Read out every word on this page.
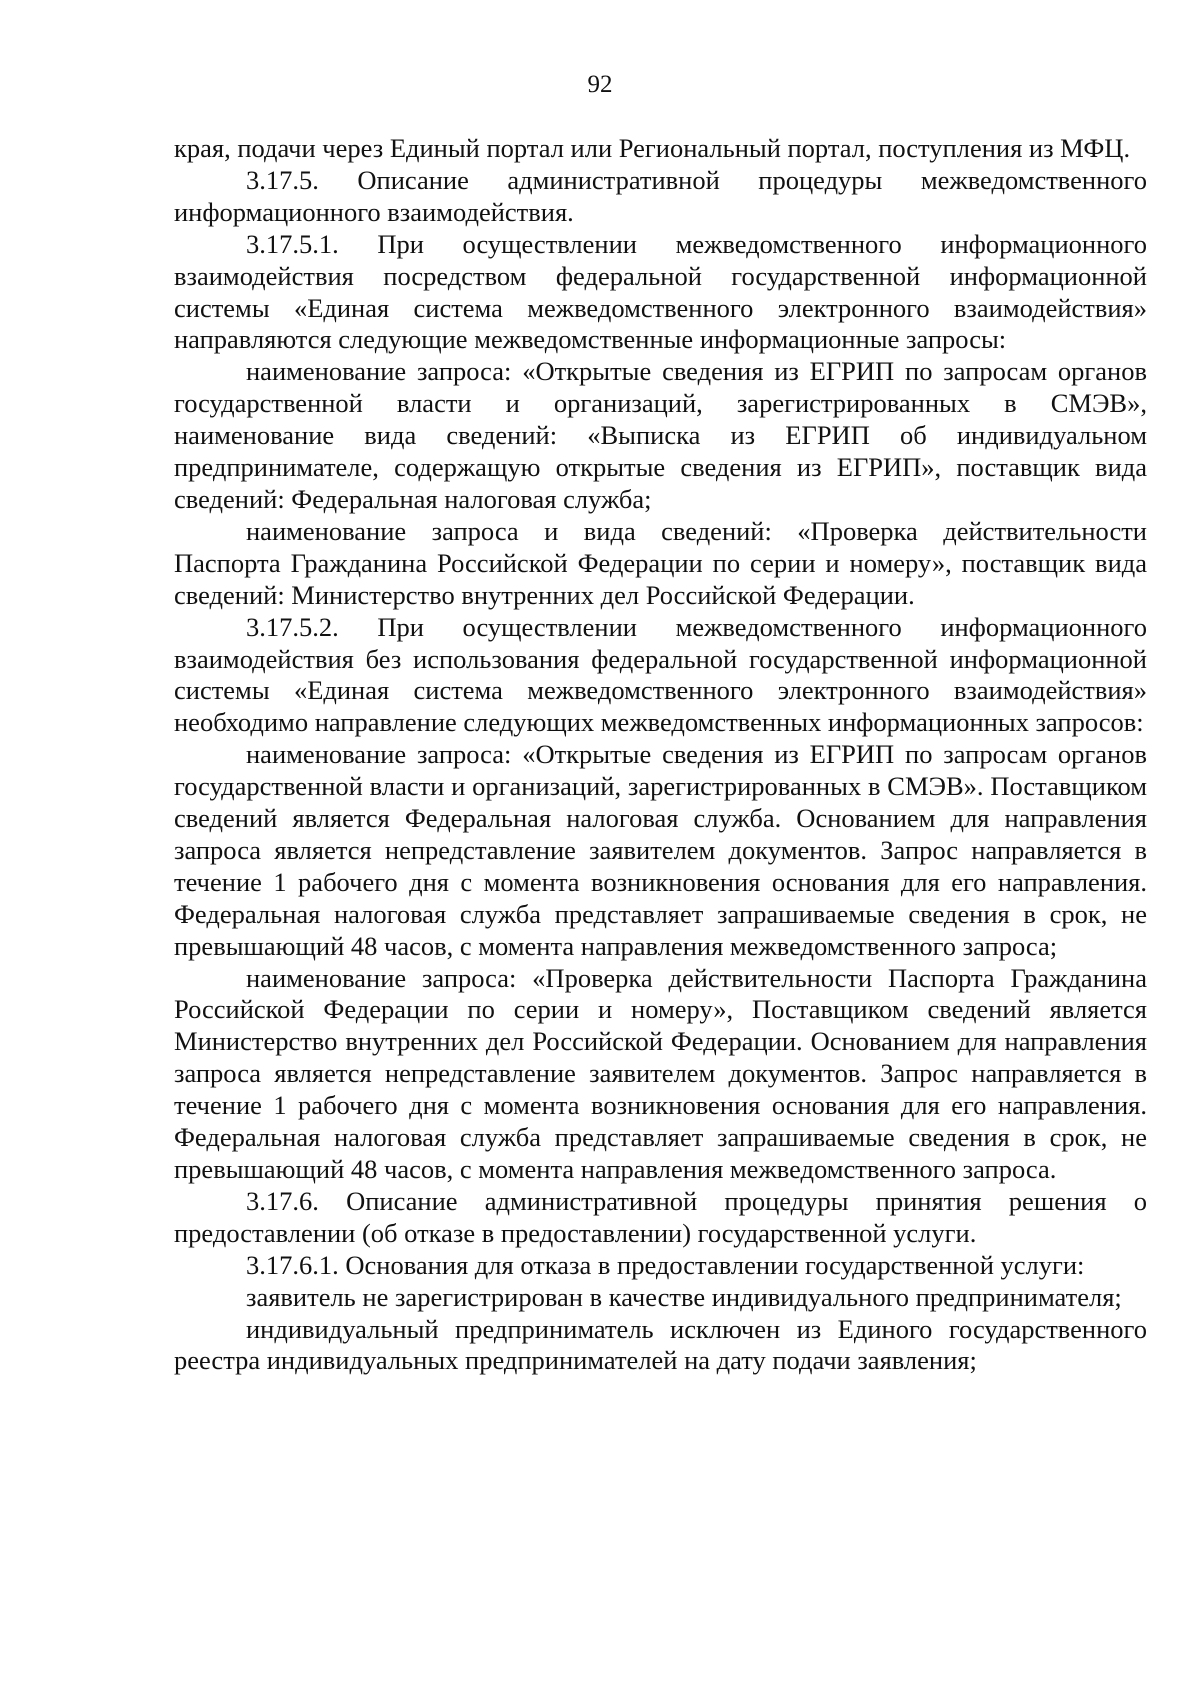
92

края, подачи через Единый портал или Региональный портал, поступления из МФЦ.

3.17.5. Описание административной процедуры межведомственного информационного взаимодействия.

3.17.5.1. При осуществлении межведомственного информационного взаимодействия посредством федеральной государственной информационной системы «Единая система межведомственного электронного взаимодействия» направляются следующие межведомственные информационные запросы:

наименование запроса: «Открытые сведения из ЕГРИП по запросам органов государственной власти и организаций, зарегистрированных в СМЭВ», наименование вида сведений: «Выписка из ЕГРИП об индивидуальном предпринимателе, содержащую открытые сведения из ЕГРИП», поставщик вида сведений: Федеральная налоговая служба;

наименование запроса и вида сведений: «Проверка действительности Паспорта Гражданина Российской Федерации по серии и номеру», поставщик вида сведений: Министерство внутренних дел Российской Федерации.

3.17.5.2. При осуществлении межведомственного информационного взаимодействия без использования федеральной государственной информационной системы «Единая система межведомственного электронного взаимодействия» необходимо направление следующих межведомственных информационных запросов:

наименование запроса: «Открытые сведения из ЕГРИП по запросам органов государственной власти и организаций, зарегистрированных в СМЭВ». Поставщиком сведений является Федеральная налоговая служба. Основанием для направления запроса является непредставление заявителем документов. Запрос направляется в течение 1 рабочего дня с момента возникновения основания для его направления. Федеральная налоговая служба представляет запрашиваемые сведения в срок, не превышающий 48 часов, с момента направления межведомственного запроса;

наименование запроса: «Проверка действительности Паспорта Гражданина Российской Федерации по серии и номеру», Поставщиком сведений является Министерство внутренних дел Российской Федерации. Основанием для направления запроса является непредставление заявителем документов. Запрос направляется в течение 1 рабочего дня с момента возникновения основания для его направления. Федеральная налоговая служба представляет запрашиваемые сведения в срок, не превышающий 48 часов, с момента направления межведомственного запроса.

3.17.6. Описание административной процедуры принятия решения о предоставлении (об отказе в предоставлении) государственной услуги.

3.17.6.1. Основания для отказа в предоставлении государственной услуги:

заявитель не зарегистрирован в качестве индивидуального предпринимателя;

индивидуальный предприниматель исключен из Единого государственного реестра индивидуальных предпринимателей на дату подачи заявления;
